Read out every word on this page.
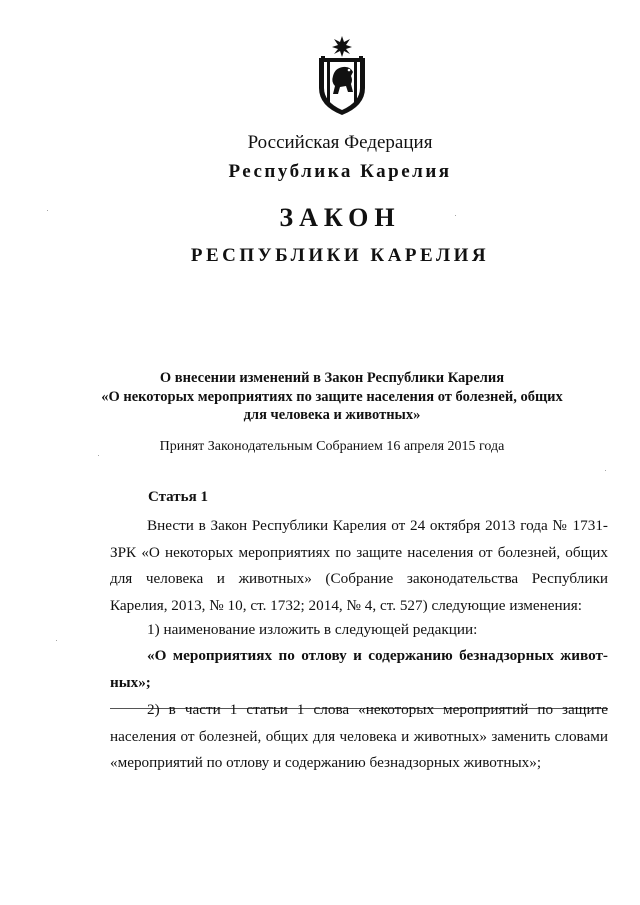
Российская Федерация
Республика Карелия
ЗАКОН
РЕСПУБЛИКИ КАРЕЛИЯ
О внесении изменений в Закон Республики Карелия
«О некоторых мероприятиях по защите населения от болезней, общих
для человека и животных»
Принят Законодательным Собранием 16 апреля 2015 года
Статья 1
Внести в Закон Республики Карелия от 24 октября 2013 года № 1731-ЗРК «О некоторых мероприятиях по защите населения от болезней, общих для человека и животных» (Собрание законодательства Республики Карелия, 2013, № 10, ст. 1732; 2014, № 4, ст. 527) следующие изменения:
1) наименование изложить в следующей редакции:
«О мероприятиях по отлову и содержанию безнадзорных живот-ных»;
2) в части 1 статьи 1 слова «некоторых мероприятий по защите населения от болезней, общих для человека и животных» заменить словами «мероприятий по отлову и содержанию безнадзорных животных»;
